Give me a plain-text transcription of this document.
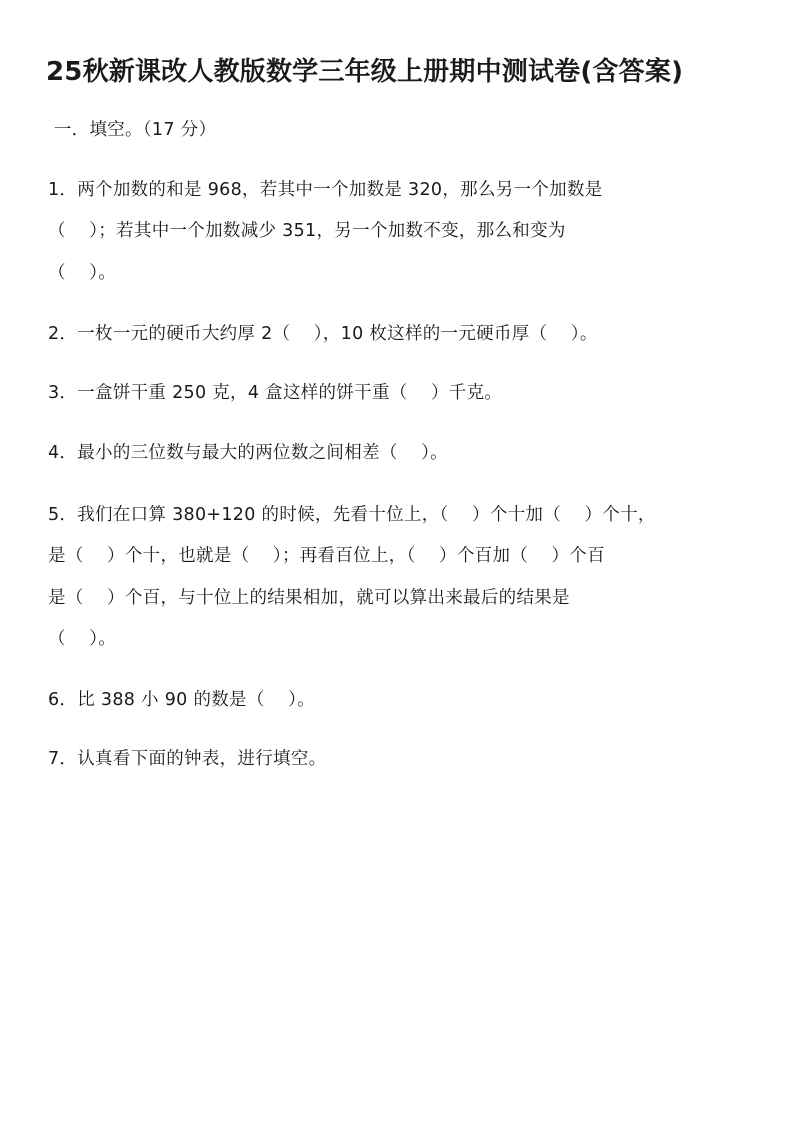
25秋新课改人教版数学三年级上册期中测试卷(含答案)
一．填空。（17 分）
1．两个加数的和是 968，若其中一个加数是 320，那么另一个加数是
（    ）；若其中一个加数减少 351，另一个加数不变，那么和变为
（    ）。
2．一枚一元的硬币大约厚 2（    ），10 枚这样的一元硬币厚（    ）。
3．一盒饼干重 250 克，4 盒这样的饼干重（    ）千克。
4．最小的三位数与最大的两位数之间相差（    ）。
5．我们在口算 380+120 的时候，先看十位上，（    ）个十加（    ）个十，
是（    ）个十，也就是（    ）；再看百位上，（    ）个百加（    ）个百
是（    ）个百，与十位上的结果相加，就可以算出来最后的结果是
（    ）。
6．比 388 小 90 的数是（    ）。
7．认真看下面的钟表，进行填空。
